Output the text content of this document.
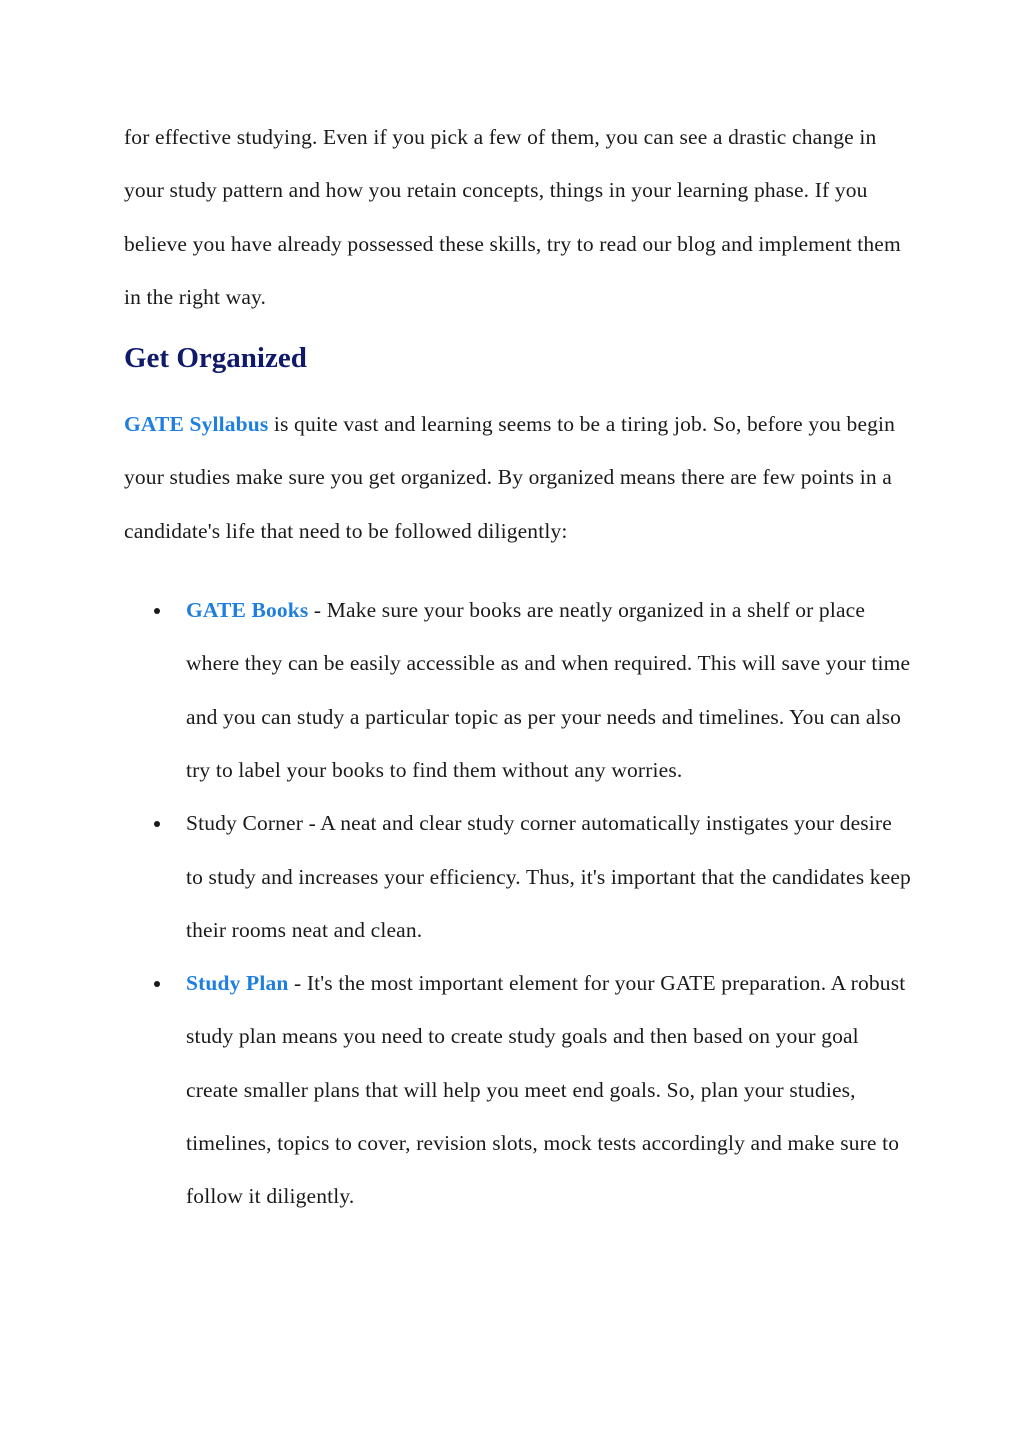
for effective studying. Even if you pick a few of them, you can see a drastic change in your study pattern and how you retain concepts, things in your learning phase. If you believe you have already possessed these skills, try to read our blog and implement them in the right way.

Get Organized

GATE Syllabus is quite vast and learning seems to be a tiring job. So, before you begin your studies make sure you get organized. By organized means there are few points in a candidate's life that need to be followed diligently:

GATE Books - Make sure your books are neatly organized in a shelf or place where they can be easily accessible as and when required. This will save your time and you can study a particular topic as per your needs and timelines. You can also try to label your books to find them without any worries.
Study Corner - A neat and clear study corner automatically instigates your desire to study and increases your efficiency. Thus, it's important that the candidates keep their rooms neat and clean.
Study Plan - It's the most important element for your GATE preparation. A robust study plan means you need to create study goals and then based on your goal create smaller plans that will help you meet end goals. So, plan your studies, timelines, topics to cover, revision slots, mock tests accordingly and make sure to follow it diligently.
